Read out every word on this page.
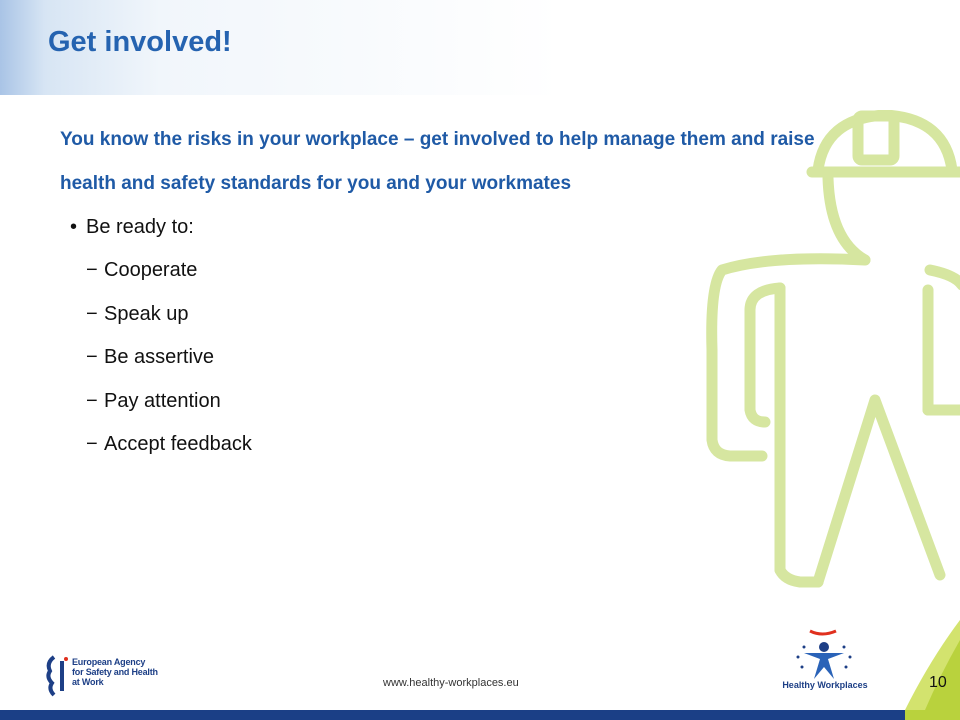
Get involved!

You know the risks in your workplace – get involved to help manage them and raise health and safety standards for you and your workmates

• Be ready to:
− Cooperate
− Speak up
− Be assertive
− Pay attention
− Accept feedback
European Agency
for Safety and Health
at Work	www.healthy-workplaces.eu	Healthy Workplaces	10
